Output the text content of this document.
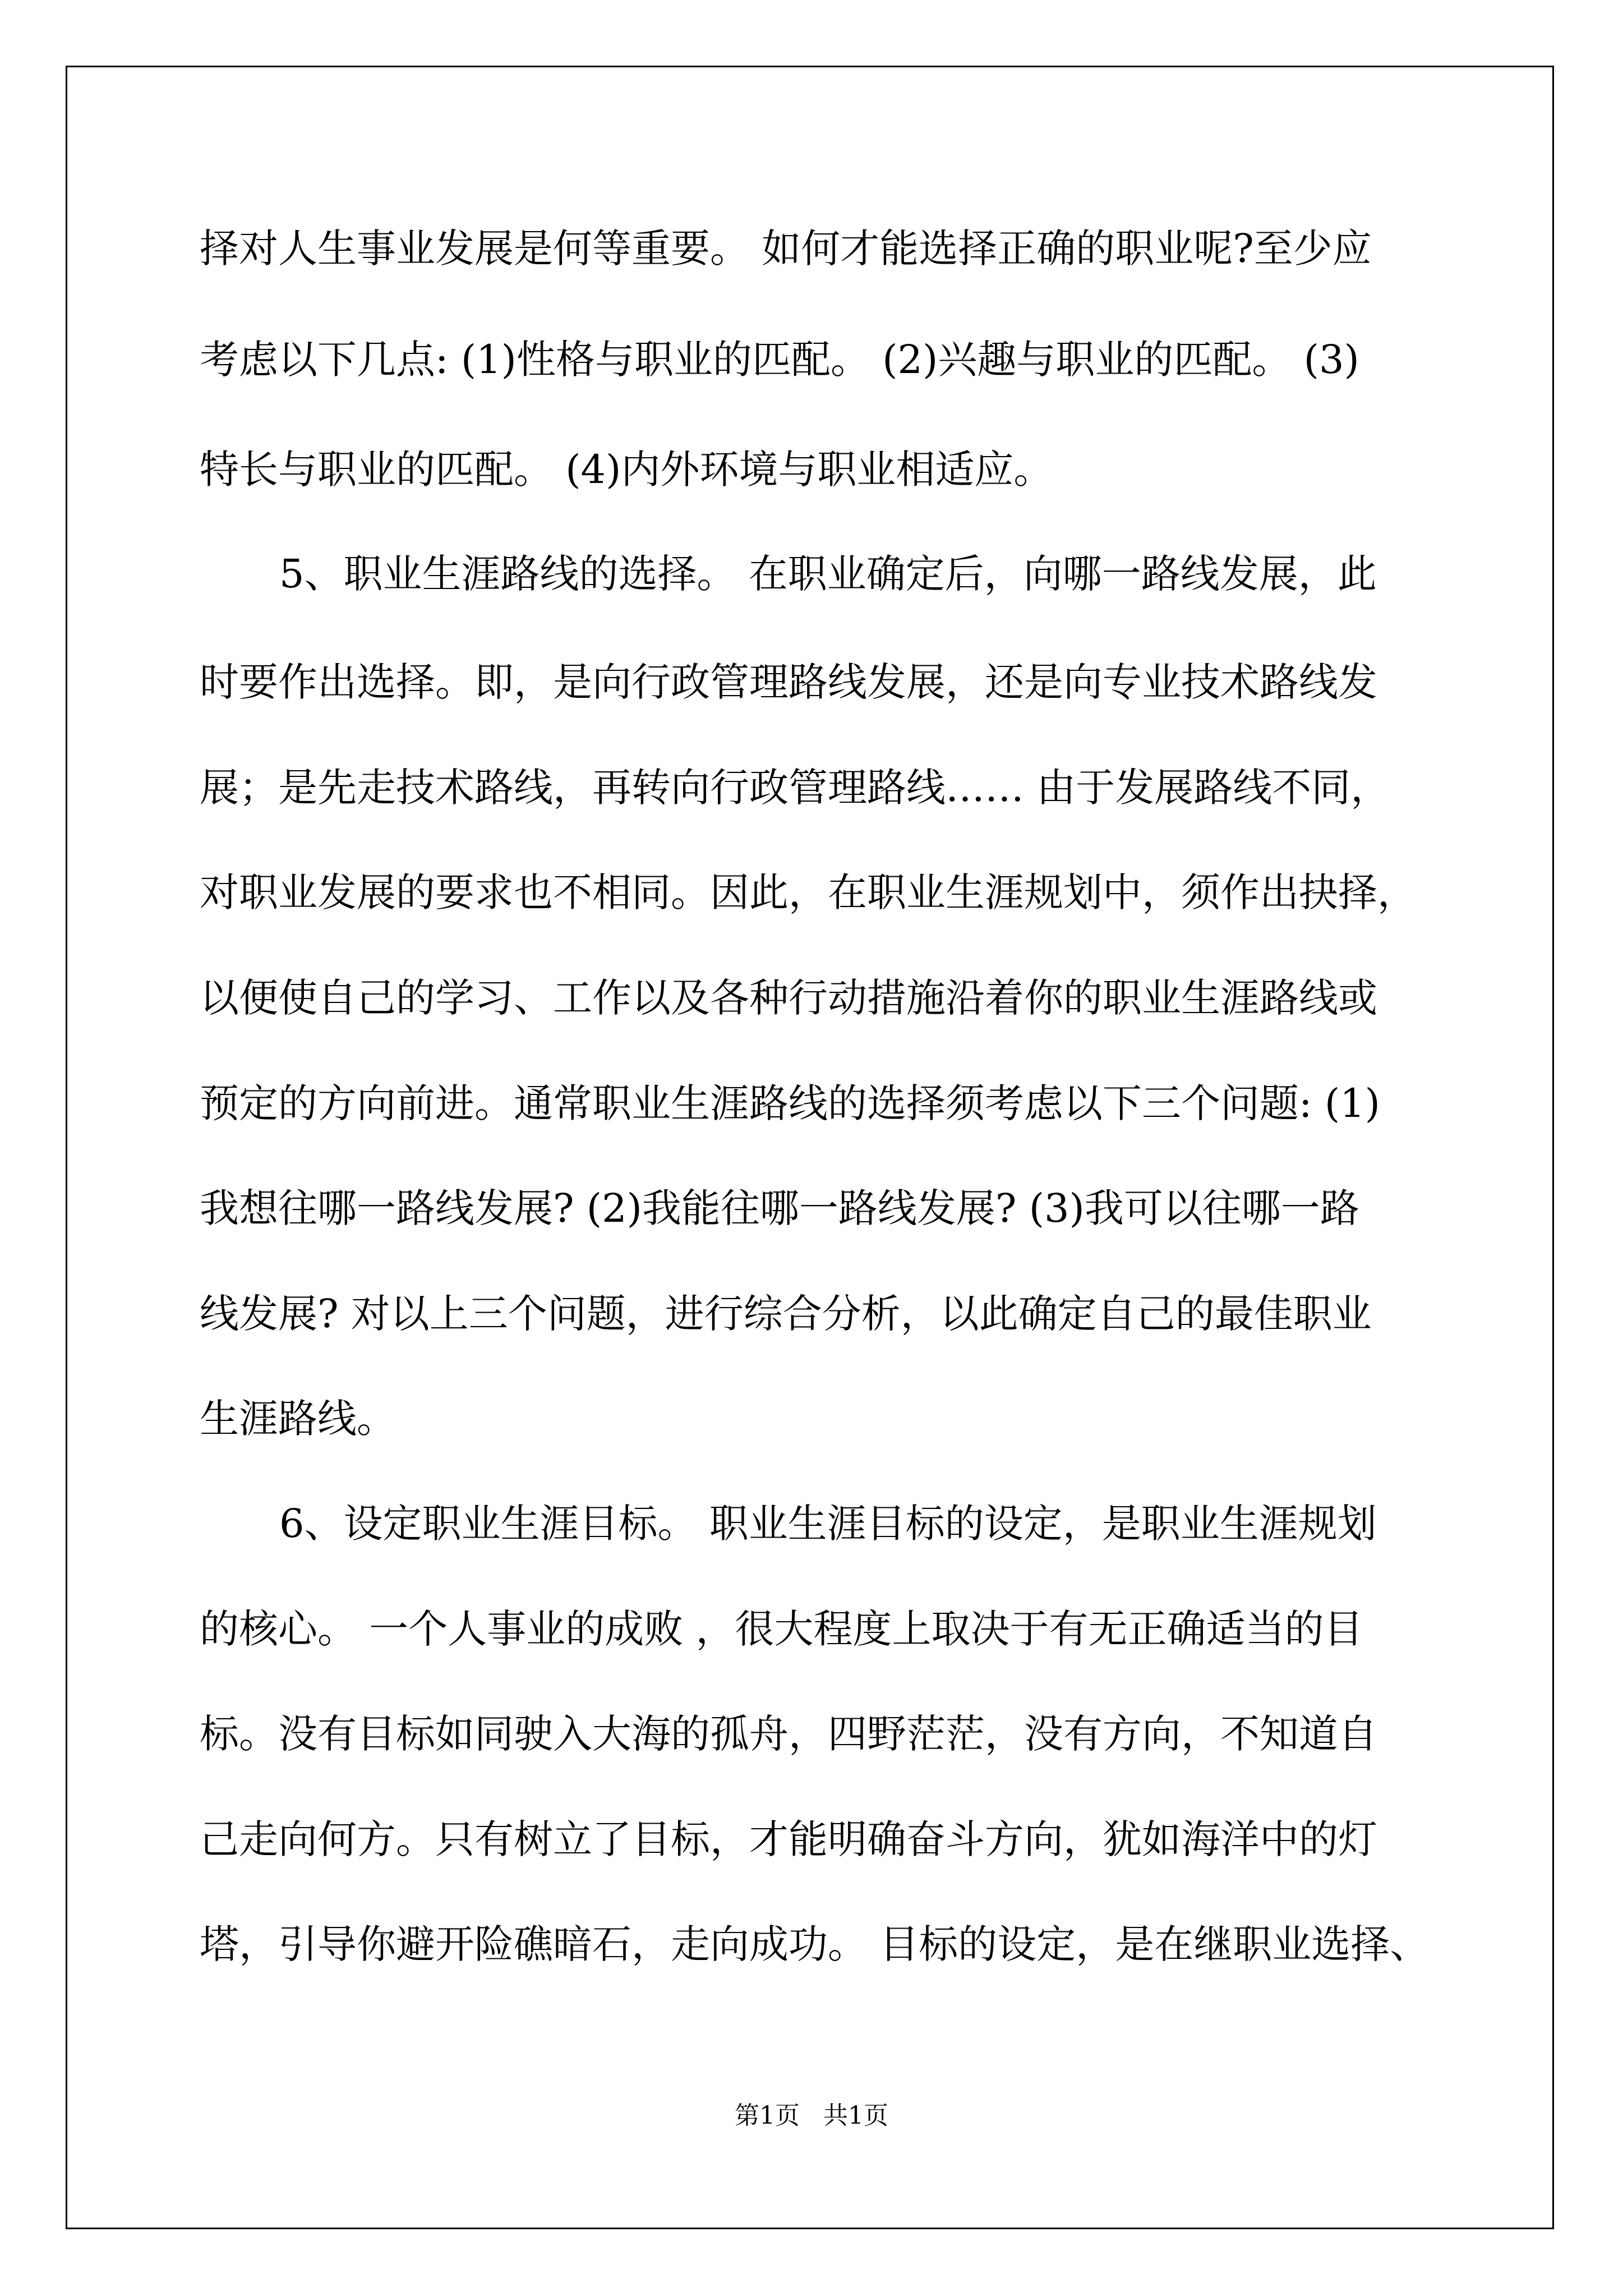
择对人生事业发展是何等重要。 如何才能选择正确的职业呢?至少应
考虑以下几点: (1)性格与职业的匹配。 (2)兴趣与职业的匹配。 (3)
特长与职业的匹配。 (4)内外环境与职业相适应。
5、职业生涯路线的选择。 在职业确定后，向哪一路线发展，此
时要作出选择。即，是向行政管理路线发展，还是向专业技术路线发
展；是先走技术路线，再转向行政管理路线…… 由于发展路线不同，
对职业发展的要求也不相同。因此，在职业生涯规划中，须作出抉择，
以便使自己的学习、工作以及各种行动措施沿着你的职业生涯路线或
预定的方向前进。通常职业生涯路线的选择须考虑以下三个问题: (1)
我想往哪一路线发展? (2)我能往哪一路线发展? (3)我可以往哪一路
线发展? 对以上三个问题，进行综合分析，以此确定自己的最佳职业
生涯路线。
6、设定职业生涯目标。 职业生涯目标的设定，是职业生涯规划
的核心。 一个人事业的成败 ，很大程度上取决于有无正确适当的目
标。没有目标如同驶入大海的孤舟，四野茫茫，没有方向，不知道自
己走向何方。只有树立了目标，才能明确奋斗方向，犹如海洋中的灯
塔，引导你避开险礁暗石，走向成功。 目标的设定，是在继职业选择、
第1页   共1页
